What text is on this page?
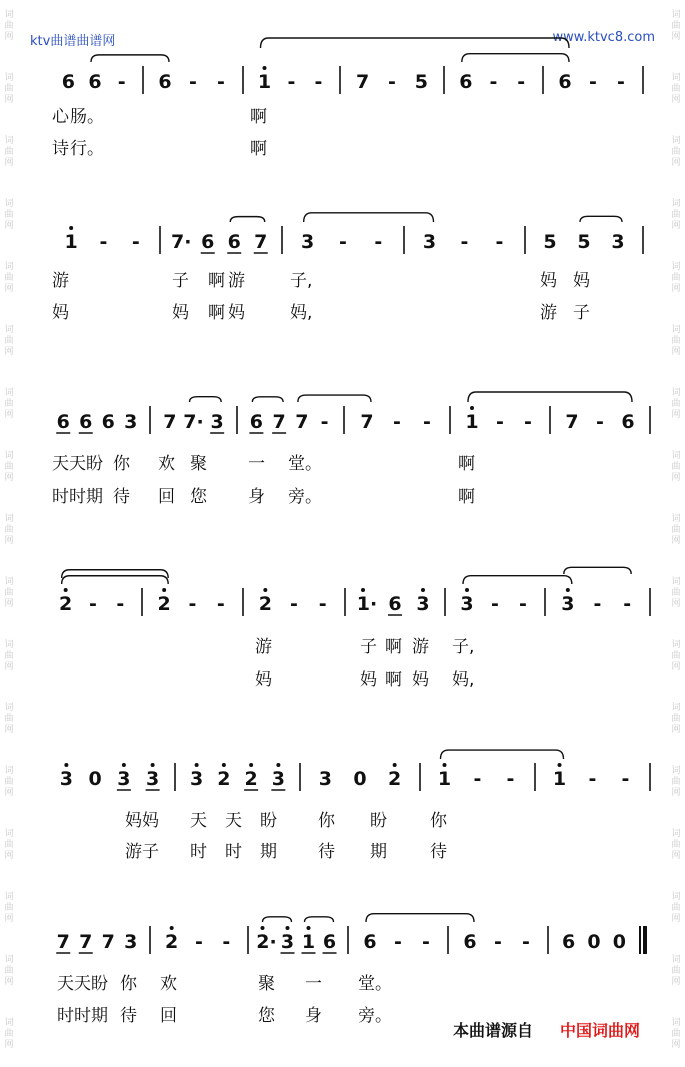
ktv曲谱曲谱网	www.ktvc8.com
词
曲
网
词
曲
网
词
曲
网
词
曲
网
词
曲
网
词
曲
网
词
曲
网
词
曲
网
词
曲
网
词
曲
网
词
曲
网
词
曲
网
词
曲
网
词
曲
网
词
曲
网
词
曲
网
词
曲
网
词
曲
网
词
曲
网
词
曲
网
词
曲
网
词
曲
网
词
曲
网
词
曲
网
词
曲
网
词
曲
网
词
曲
网
词
曲
网
词
曲
网
词
曲
网
词
曲
网
词
曲
网
词
曲
网
词
曲
网
6 6 - 6 - - 1 - - 7 - 5 6 - - 6 - -
1 - - 7· 6 6 7 3 - - 3 - - 5 5 3
6 6 6 3 7 7· 3 6 7 7 - 7 - - 1 - - 7 - 6
2 - - 2 - - 2 - - 1· 6 3 3 - - 3 - -
3 0 3 3 3 2 2 3 3 0 2 1 - - 1 - -
7 7 7 3 2 - - 2· 3 1 6 6 - - 6 - - 6 0 0
心 肠。	啊
诗 行。	啊
游	子 啊 游	子,	妈 妈
妈	妈 啊 妈	妈,	游 子
天天盼 你 欢 聚 一 堂。	啊
时时期 待 回 您 身 旁。	啊
游	子 啊 游 子,
妈	妈 啊 妈 妈,
妈妈 天 天 盼 你 盼	你
游子 时 时 期 待 期	待
天天盼 你 欢	聚 一 堂。
时时期 待 回	您 身 旁。
本曲谱源自 中国词曲网
